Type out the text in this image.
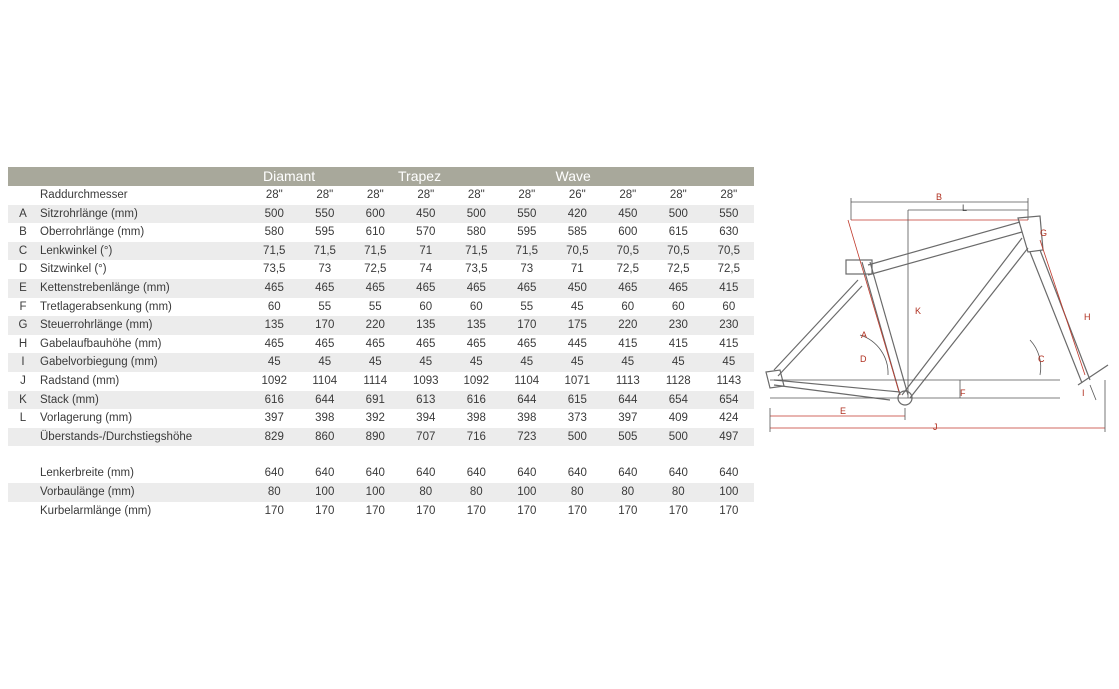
		Diamant		Trapez			Wave				
	Raddurchmesser	28"	28"	28"	28"	28"	28"	26"	28"	28"	28"
A	Sitzrohrlänge (mm)	500	550	600	450	500	550	420	450	500	550
B	Oberrohrlänge (mm)	580	595	610	570	580	595	585	600	615	630
C	Lenkwinkel (°)	71,5	71,5	71,5	71	71,5	71,5	70,5	70,5	70,5	70,5
D	Sitzwinkel (°)	73,5	73	72,5	74	73,5	73	71	72,5	72,5	72,5
E	Kettenstrebenlänge (mm)	465	465	465	465	465	465	450	465	465	415
F	Tretlagerabsenkung (mm)	60	55	55	60	60	55	45	60	60	60
G	Steuerrohrlänge (mm)	135	170	220	135	135	170	175	220	230	230
H	Gabelaufbauhöhe (mm)	465	465	465	465	465	465	445	415	415	415
I	Gabelvorbiegung (mm)	45	45	45	45	45	45	45	45	45	45
J	Radstand (mm)	1092	1104	1114	1093	1092	1104	1071	1113	1128	1143
K	Stack (mm)	616	644	691	613	616	644	615	644	654	654
L	Vorlagerung (mm)	397	398	392	394	398	398	373	397	409	424
	Überstands-/Durchstiegshöhe	829	860	890	707	716	723	500	505	500	497

	Lenkerbreite (mm)	640	640	640	640	640	640	640	640	640	640
	Vorbaulänge (mm)	80	100	100	80	80	100	80	80	80	100
	Kurbelarmlänge (mm)	170	170	170	170	170	170	170	170	170	170
B
L
G
H
K
A
D	C
E
F	I
J
